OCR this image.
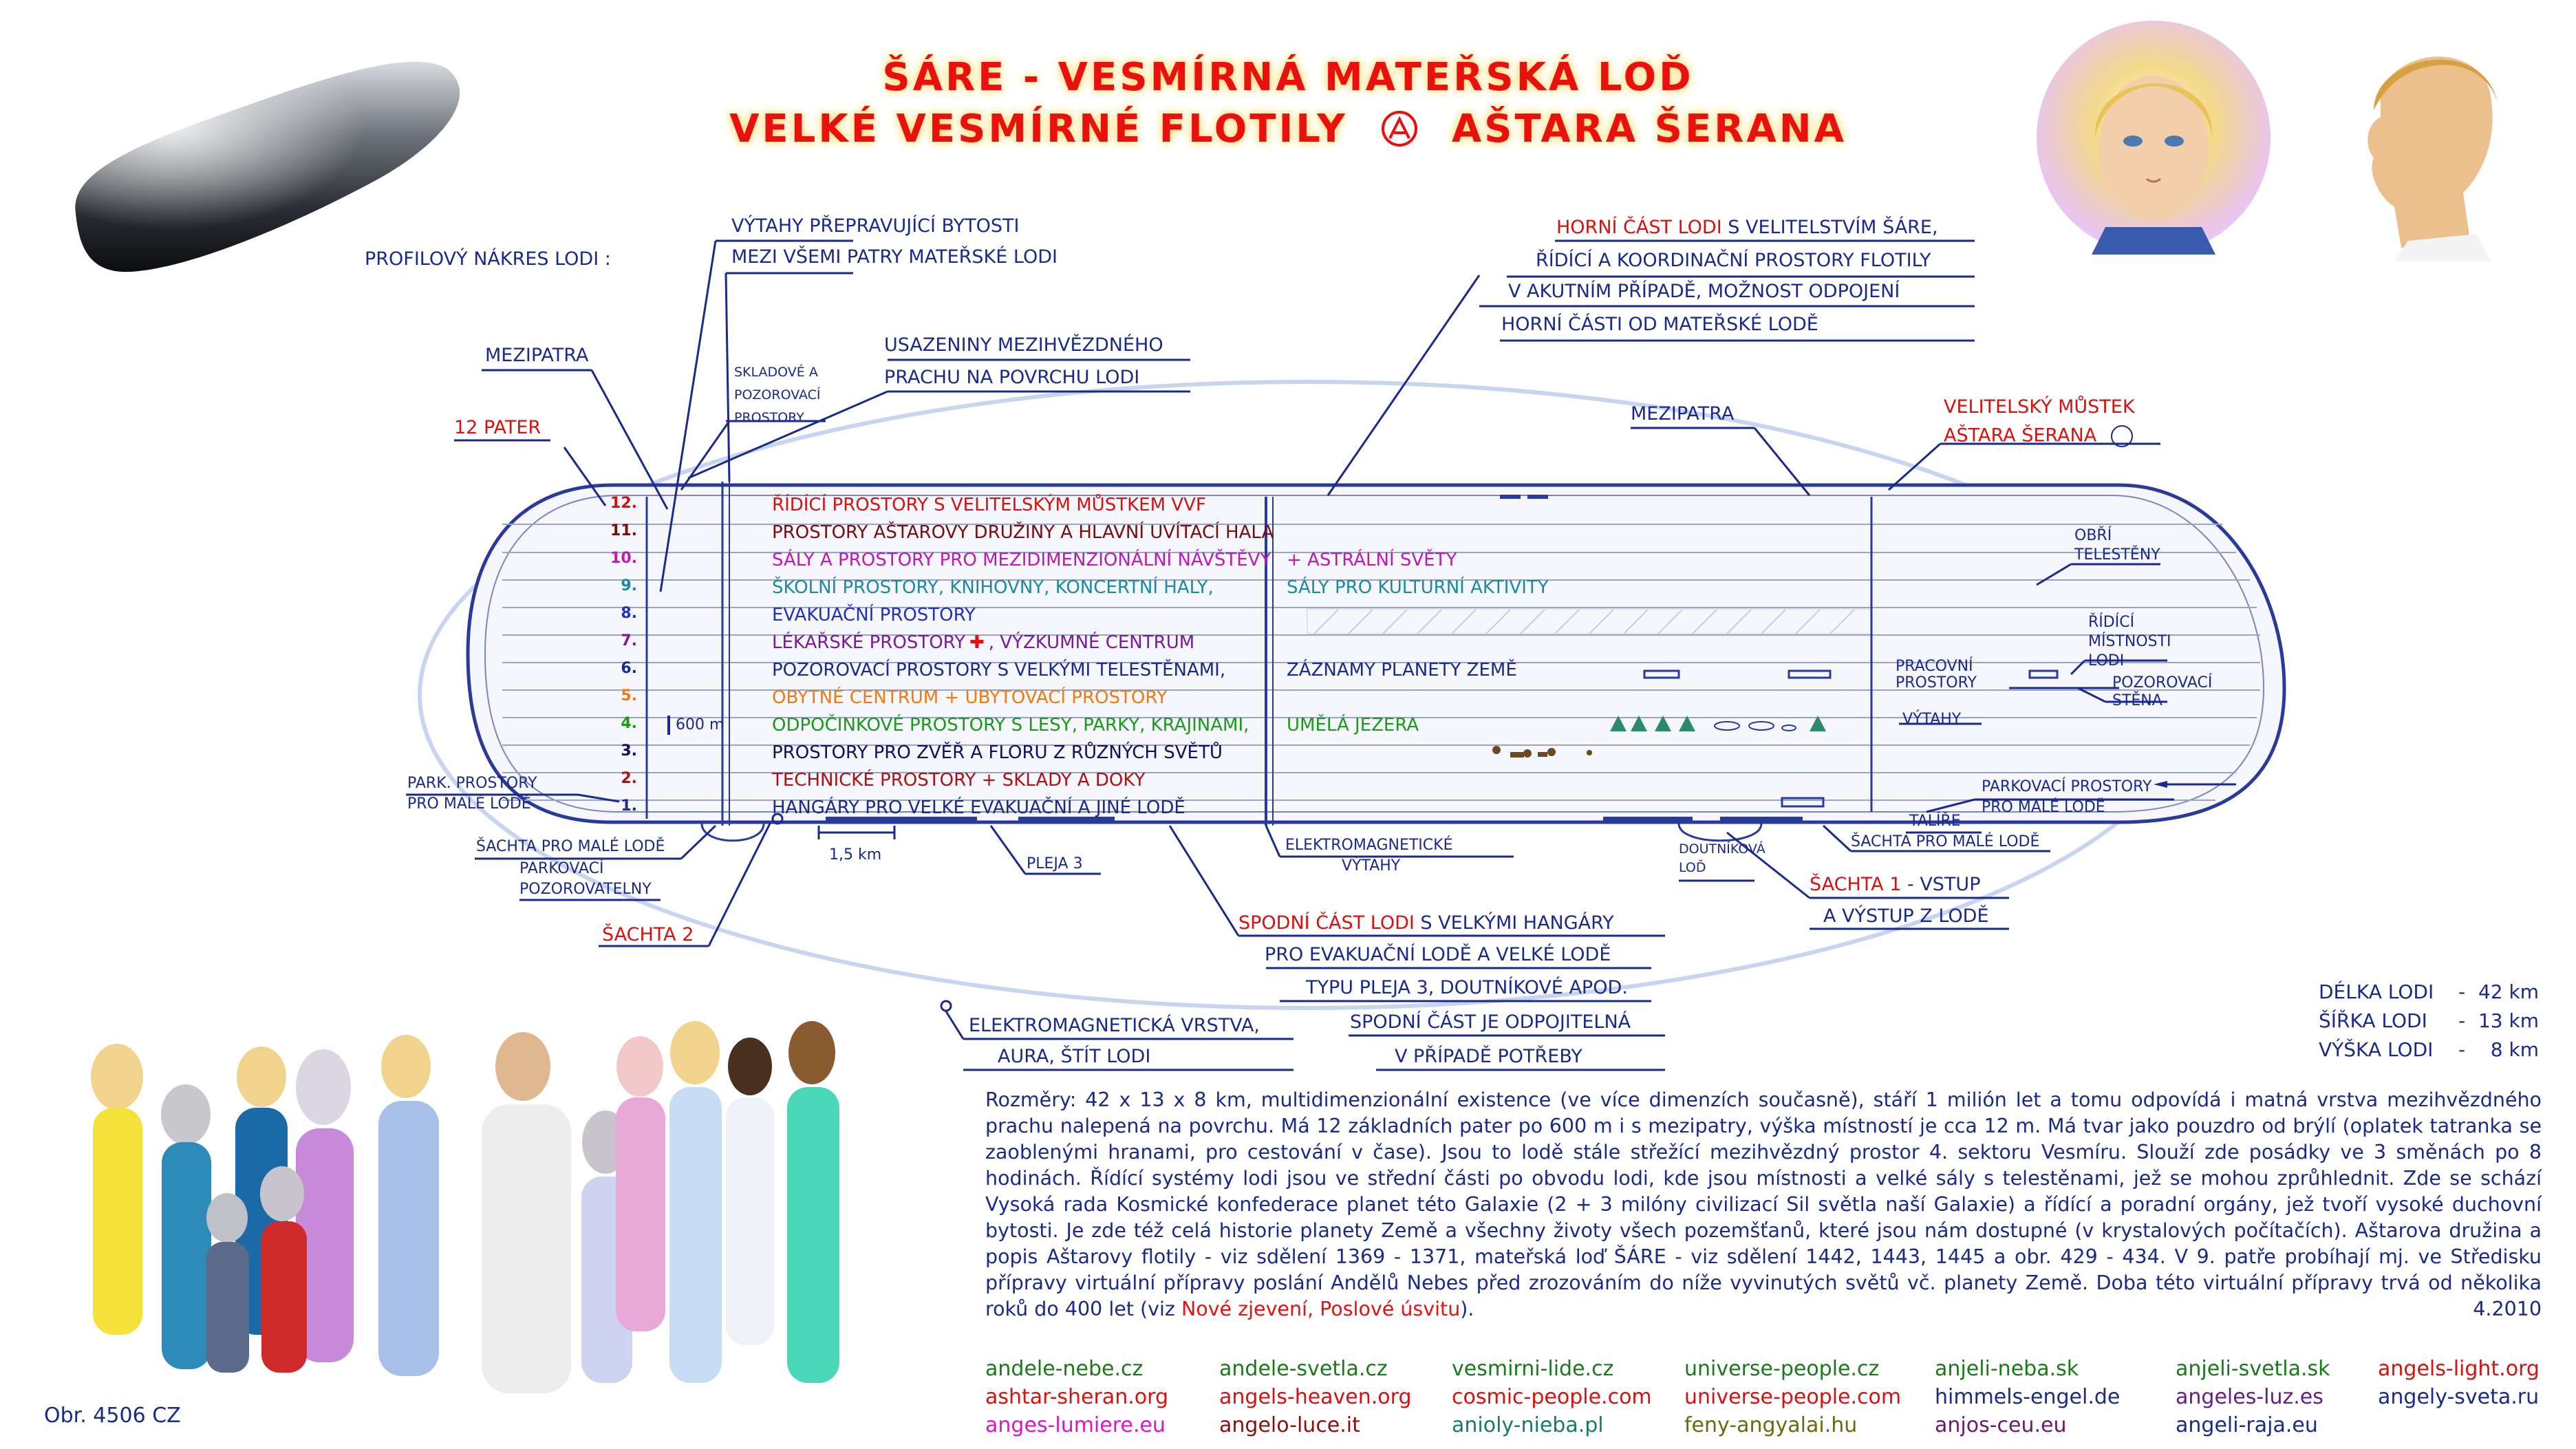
ŠÁRE - VESMÍRNÁ MATEŘSKÁ LOĎ
VELKÉ VESMÍRNÉ FLOTILY	AŠTARA ŠERANA
PROFILOVÝ NÁKRES LODI :
VÝTAHY PŘEPRAVUJÍCÍ BYTOSTI
MEZI VŠEMI PATRY MATEŘSKÉ LODI
MEZIPATRA
SKLADOVÉ A
POZOROVACÍ
PROSTORY
USAZENINY MEZIHVĚZDNÉHO
PRACHU NA POVRCHU LODI
12 PATER
HORNÍ ČÁST LODI S VELITELSTVÍM ŠÁRE,
ŘÍDÍCÍ A KOORDINAČNÍ PROSTORY FLOTILY
V AKUTNÍM PŘÍPADĚ, MOŽNOST ODPOJENÍ
HORNÍ ČÁSTI OD MATEŘSKÉ LODĚ
MEZIPATRA	VELITELSKÝ MŮSTEK
AŠTARA ŠERANA
OBŘÍ
TELESTĚNY
ŘÍDÍCÍ
MÍSTNOSTI
LODI
PRACOVNÍ
PROSTORY	POZOROVACÍ
STĚNA
VÝTAHY
PARKOVACÍ PROSTORY
PRO MALÉ LODĚ
TALÍŘE
ŠACHTA PRO MALÉ LODĚ
DOUTNÍKOVÁ
LOĎ
ŠACHTA 1 - VSTUP
A VÝSTUP Z LODĚ
ELEKTROMAGNETICKÉ
VÝTAHY
PLEJA 3
1,5 km
PARK. PROSTORY
PRO MALÉ LODĚ
ŠACHTA PRO MALÉ LODĚ
PARKOVACÍ
POZOROVATELNY
ŠACHTA 2
SPODNÍ ČÁST LODI S VELKÝMI HANGÁRY
PRO EVAKUAČNÍ LODĚ A VELKÉ LODĚ
TYPU PLEJA 3, DOUTNÍKOVÉ APOD.
SPODNÍ ČÁST JE ODPOJITELNÁ
V PŘÍPADĚ POTŘEBY
ELEKTROMAGNETICKÁ VRSTVA,
AURA, ŠTÍT LODI
600 m
12.	ŘÍDÍCÍ PROSTORY S VELITELSKÝM MŮSTKEM VVF
11.	PROSTORY AŠTAROVY DRUŽINY A HLAVNÍ UVÍTACÍ HALA
10.	SÁLY A PROSTORY PRO MEZIDIMENZIONÁLNÍ NÁVŠTĚVY + ASTRÁLNÍ SVĚTY
9.	ŠKOLNÍ PROSTORY, KNIHOVNY, KONCERTNÍ HALY,	SÁLY PRO KULTURNÍ AKTIVITY
8.	EVAKUAČNÍ PROSTORY
7.	LÉKAŘSKÉ PROSTORY ✚ , VÝZKUMNÉ CENTRUM
6.	POZOROVACÍ PROSTORY S VELKÝMI TELESTĚNAMI,	ZÁZNAMY PLANETY ZEMĚ
5.	OBYTNÉ CENTRUM + UBYTOVACÍ PROSTORY
4.	ODPOČINKOVÉ PROSTORY S LESY, PARKY, KRAJINAMI, UMĚLÁ JEZERA
3.	PROSTORY PRO ZVĚŘ A FLORU Z RŮZNÝCH SVĚTŮ
2.	TECHNICKÉ PROSTORY + SKLADY A DOKY
1.	HANGÁRY PRO VELKÉ EVAKUAČNÍ A JINÉ LODĚ
DÉLKA LODI - 42 km
ŠÍŘKA LODI - 13 km
VÝŠKA LODI -	8 km
Rozměry: 42 x 13 x 8 km, multidimenzionální existence (ve více dimenzích současně), stáří 1 milión let a tomu odpovídá i matná vrstva mezihvězdného prachu nalepená na povrchu. Má 12 základních pater po 600 m i s mezipatry, výška místností je cca 12 m. Má tvar jako pouzdro od brýlí (oplatek tatranka se zaoblenými hranami, pro cestování v čase). Jsou to lodě stále střežící mezihvězdný prostor 4. sektoru Vesmíru. Slouží zde posádky ve 3 směnách po 8 hodinách. Řídící systémy lodi jsou ve střední části po obvodu lodi, kde jsou místnosti a velké sály s telestěnami, jež se mohou zprůhlednit. Zde se schází Vysoká rada Kosmické konfederace planet této Galaxie (2 + 3 milóny civilizací Sil světla naší Galaxie) a řídící a poradní orgány, jež tvoří vysoké duchovní bytosti. Je zde též celá historie planety Země a všechny životy všech pozemšťanů, které jsou nám dostupné (v krystalových počítačích). Aštarova družina a popis Aštarovy flotily - viz sdělení 1369 - 1371, mateřská loď ŠÁRE - viz sdělení 1442, 1443, 1445 a obr. 429 - 434. V 9. patře probíhají mj. ve Středisku přípravy virtuální přípravy poslání Andělů Nebes před zrozováním do níže vyvinutých světů vč. planety Země. Doba této virtuální přípravy trvá od několika roků do 400 let (viz Nové zjevení, Poslové úsvitu).	4.2010
andele-nebe.cz	andele-svetla.cz	vesmirni-lide.cz	universe-people.cz	anjeli-neba.sk	anjeli-svetla.sk angels-light.org
ashtar-sheran.org angels-heaven.org cosmic-people.com universe-people.com himmels-engel.de	angeles-luz.es	angely-sveta.ru
anges-lumiere.eu	angelo-luce.it	anioly-nieba.pl	feny-angyalai.hu	anjos-ceu.eu	angeli-raja.eu
Obr. 4506 CZ
